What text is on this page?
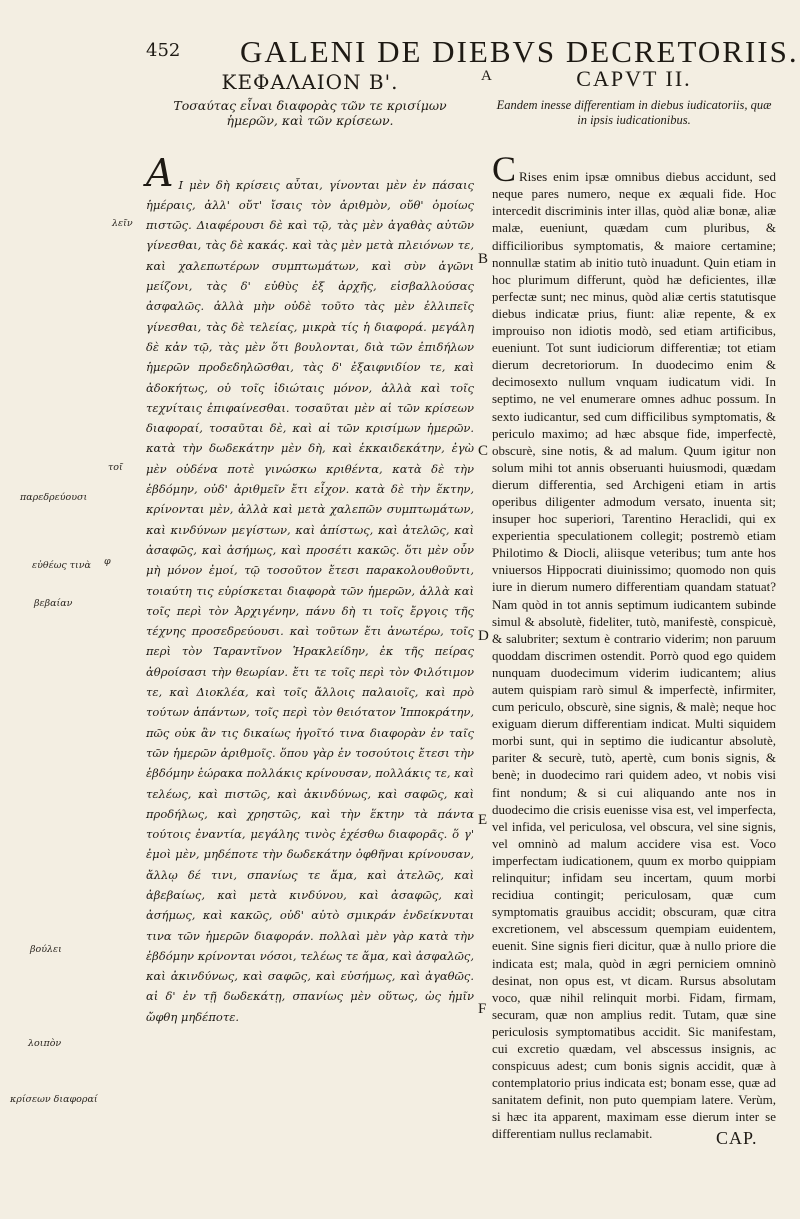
452 GALENI DE DIEBVS DECRETORIIS.
ΚΕΦΑΛΑΙΟΝ Β'.
Τοσαύτας εἶναι διαφορὰς τῶν τε κρισίμων ἡμερῶν, καὶ τῶν κρίσεων.

Α Ι μὲν δὴ κρίσεις αὗται, γίνονται μὲν ἐν πάσαις ἡμέραις, ἀλλ' οὔτ' ἴσαις τὸν ἀριθμὸν, οὔθ' ὁμοίως πιστῶς. Διαφέρουσι δὲ καὶ τῷ, τὰς μὲν ἀγαθὰς αὐτῶν γίνεσθαι, τὰς δὲ κακάς. καὶ τὰς μὲν μετὰ πλειόνων τε, καὶ χαλεπωτέρων συμπτωμάτων, καὶ σὺν ἀγῶνι μείζονι, τὰς δ' εὐθὺς ἐξ ἀρχῆς, εἰσβαλλούσας ἀσφαλῶς. ἀλλὰ μὴν οὐδὲ τοῦτο τὰς μὲν ἐλλιπεῖς γίνεσθαι, τὰς δὲ τελείας, μικρὰ τίς ἡ διαφορά. μεγάλη δὲ κἀν τῷ, τὰς μὲν ὅτι βουλονται, διὰ τῶν ἐπιδήλων ἡμερῶν προδεδηλῶσθαι, τὰς δ' ἐξαιφνιδίον τε, καὶ ἀδοκήτως, οὐ τοῖς ἰδιώταις μόνον, ἀλλὰ καὶ τοῖς τεχνίταις ἐπιφαίνεσθαι. τοσαῦται μὲν αἱ τῶν κρίσεων διαφοραί, τοσαῦται δὲ, καὶ αἱ τῶν κρισίμων ἡμερῶν. κατὰ τὴν δωδεκάτην μὲν δὴ, καὶ ἑκκαιδεκάτην, ἐγὼ μὲν οὐδένα ποτὲ γινώσκω κριθέντα, κατὰ δὲ τὴν ἑβδόμην, οὐδ' ἀριθμεῖν ἔτι εἶχον. κατὰ δὲ τὴν ἕκτην, κρίνονται μὲν, ἀλλὰ καὶ μετὰ χαλεπῶν συμπτωμάτων, καὶ κινδύνων μεγίστων, καὶ ἀπίστως, καὶ ἀτελῶς, καὶ ἀσαφῶς, καὶ ἀσήμως, καὶ προσέτι κακῶς. ὅτι μὲν οὖν μὴ μόνον ἐμοί, τῷ τοσοῦτον ἔτεσι παρακολουθοῦντι, τοιαύτη τις εὑρίσκεται διαφορὰ τῶν ἡμερῶν, ἀλλὰ καὶ τοῖς περὶ τὸν Ἀρχιγένην, πάνυ δὴ τι τοῖς ἔργοις τῆς τέχνης προσεδρεύουσι. καὶ τοῦτων ἔτι ἀνωτέρω, τοῖς περὶ τὸν Ταραντῖνον Ἡρακλείδην, ἐκ τῆς πείρας ἀθροίσασι τὴν θεωρίαν. ἔτι τε τοῖς περὶ τὸν Φιλότιμον τε, καὶ Διοκλέα, καὶ τοῖς ἄλλοις παλαιοῖς, καὶ πρὸ τούτων ἁπάντων, τοῖς περὶ τὸν θειότατον Ἱπποκράτην, πῶς οὐκ ἂν τις δικαίως ἡγοῖτό τινα διαφορὰν ἐν ταῖς τῶν ἡμερῶν ἀριθμοῖς. ὅπου γὰρ ἐν τοσούτοις ἔτεσι τὴν ἑβδόμην ἑώρακα πολλάκις κρίνουσαν, πολλάκις τε, καὶ τελέως, καὶ πιστῶς, καὶ ἀκινδύνως, καὶ σαφῶς, καὶ προδήλως, καὶ χρηστῶς, καὶ τὴν ἕκτην τὰ πάντα τούτοις ἐναντία, μεγάλης τινὸς ἐχέσθω διαφορᾶς. ὅ γ' ἐμοὶ μὲν, μηδέποτε τὴν δωδεκάτην ὀφθῆναι κρίνουσαν, ἄλλῳ δέ τινι, σπανίως τε ἅμα, καὶ ἀτελῶς, καὶ ἀβεβαίως, καὶ μετὰ κινδύνου, καὶ ἀσαφῶς, καὶ ἀσήμως, καὶ κακῶς, οὐδ' αὐτὸ σμικράν ἐνδείκνυται τινα τῶν ἡμερῶν διαφοράν. πολλαὶ μὲν γὰρ κατὰ τὴν ἑβδόμην κρίνονται νόσοι, τελέως τε ἅμα, καὶ ἀσφαλῶς, καὶ ἀκινδύνως, καὶ σαφῶς, καὶ εὐσήμως, καὶ ἀγαθῶς. αἱ δ' ἐν τῇ δωδεκάτῃ, σπανίως μὲν οὕτως, ὡς ἡμῖν ὤφθη μηδέποτε.

CAPVT II.
Eandem inesse differentiam in diebus iudicatoriis, quæ in ipsis iudicationibus.

C Rises enim ipsæ omnibus diebus accidunt, sed neque pares numero, neque ex æquali fide. Hoc intercedit discriminis inter illas, quòd aliæ bonæ, aliæ malæ, eueniunt, quædam cum pluribus, & difficilioribus symptomatis, & maiore certamine; nonnullæ statim ab initio tutò inuadunt. Quin etiam in hoc plurimum differunt, quòd hæ deficientes, illæ perfectæ sunt; nec minus, quòd aliæ certis statutisque diebus indicatæ prius, fiunt: aliæ repente, & ex improuiso non idiotis modò, sed etiam artificibus, eueniunt. Tot sunt iudiciorum differentiæ; tot etiam dierum decretoriorum. In duodecimo enim & decimosexto nullum vnquam iudicatum vidi. In septimo, ne vel enumerare omnes adhuc possum. In sexto iudicantur, sed cum difficilibus symptomatis, & periculo maximo; ad hæc absque fide, imperfectè, obscurè, sine notis, & ad malum. Quum igitur non solum mihi tot annis obseruanti huiusmodi, quædam dierum differentia, sed Archigeni etiam in artis operibus diligenter admodum versato, inuenta sit; insuper hoc superiori, Tarentino Heraclidi, qui ex experientia speculationem collegit; postremò etiam Philotimo & Diocli, aliisque veteribus; tum ante hos vniuersos Hippocrati diuinissimo; quomodo non quis iure in dierum numero differentiam quandam statuat? Nam quòd in tot annis septimum iudicantem subinde simul & absolutè, fideliter, tutò, manifestè, conspicuè, & salubriter; sextum è contrario viderim; non paruum quoddam discrimen ostendit. Porrò quod ego quidem nunquam duodecimum viderim iudicantem; alius autem quispiam rarò simul & imperfectè, infirmiter, cum periculo, obscurè, sine signis, & malè; neque hoc exiguam dierum differentiam indicat. Multi siquidem morbi sunt, qui in septimo die iudicantur absolutè, pariter & securè, tutò, apertè, cum bonis signis, & benè; in duodecimo rari quidem adeo, vt nobis visi fint nondum; & si cui aliquando ante nos in duodecimo die crisis euenisse visa est, vel imperfecta, vel infida, vel periculosa, vel obscura, vel sine signis, vel omninò ad malum accidere visa est. Voco imperfectam iudicationem, quum ex morbo quippiam relinquitur; infidam seu incertam, quum morbi recidiua contingit; periculosam, quæ cum symptomatis grauibus accidit; obscuram, quæ citra excretionem, vel abscessum quempiam euidentem, euenit. Sine signis fieri dicitur, quæ à nullo priore die indicata est; mala, quòd in ægri perniciem omninò desinat, non opus est, vt dicam. Rursus absolutam voco, quæ nihil relinquit morbi. Fidam, firmam, securam, quæ non amplius redit. Tutam, quæ sine periculosis symptomatibus accidit. Sic manifestam, cui excretio quædam, vel abscessus insignis, ac conspicuus adest; cum bonis signis accidit, quæ à contemplatorio prius indicata est; bonam esse, quæ ad sanitatem definit, non puto quempiam latere. Verùm, si hæc ita apparent, maximam esse dierum inter se differentiam nullus reclamabit.

A
B
C
D
E
F
λεῖν
τοῖ
παρεδρεύουσι
εὐθέως τινὰ φ
βεβαίαν
βούλει
λοιπὸν
κρίσεων διαφοραί
CAP.
